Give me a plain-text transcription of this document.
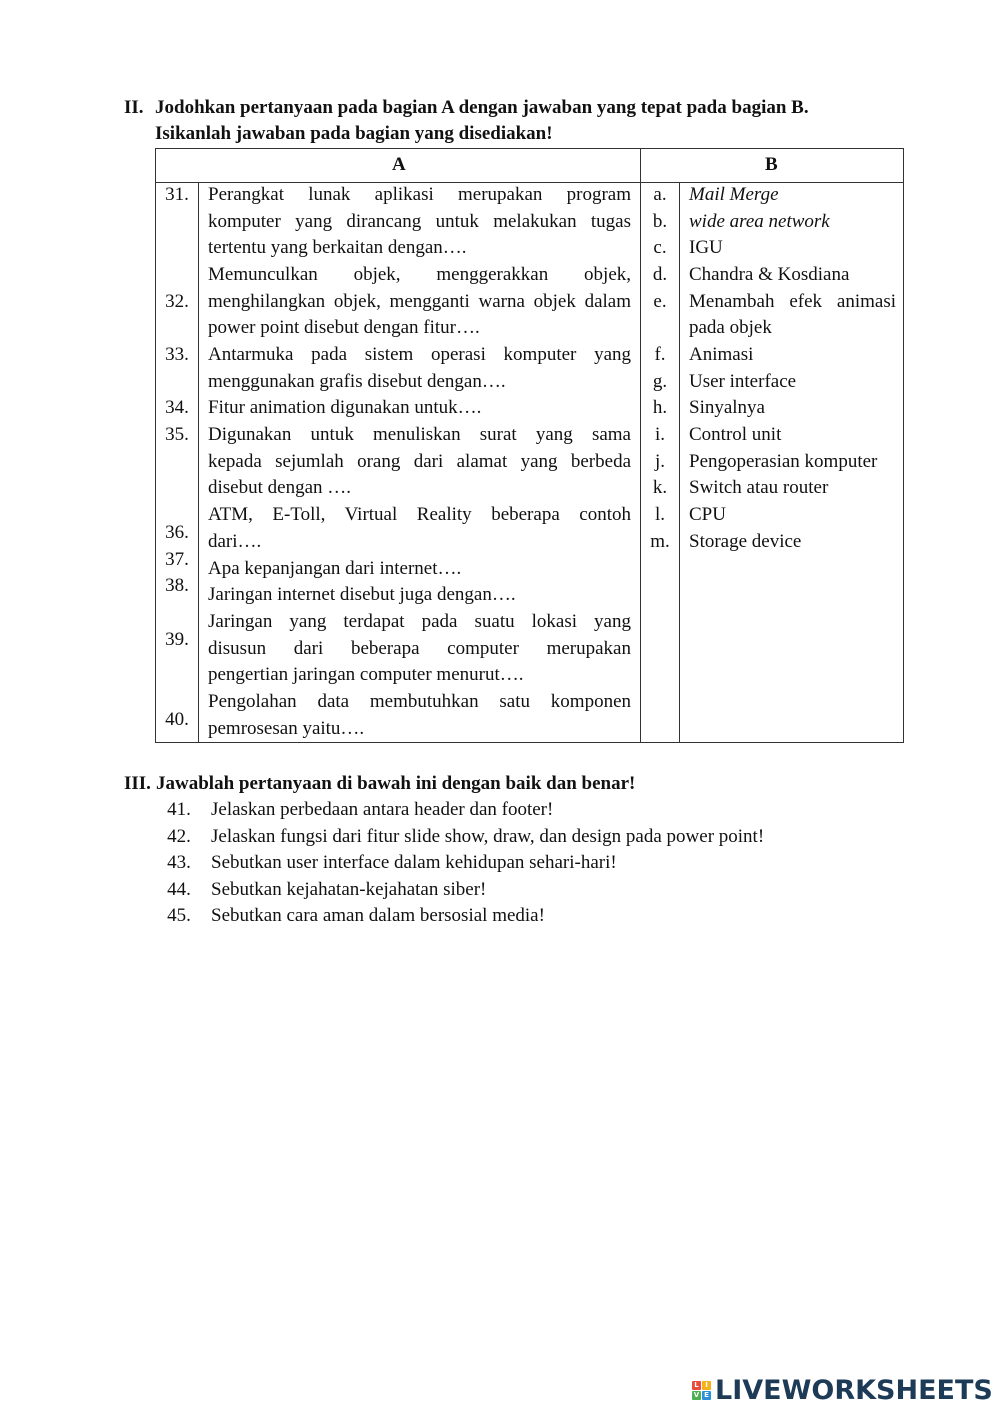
II. Jodohkan pertanyaan pada bagian A dengan jawaban yang tepat pada bagian B.
Isikanlah jawaban pada bagian yang disediakan!
A	B
31.
32.
33.
34.
35.
36.
37.
38.
39.
40.
Perangkat lunak aplikasi merupakan program
komputer yang dirancang untuk melakukan tugas
tertentu yang berkaitan dengan….
Memunculkan objek, menggerakkan objek,
menghilangkan objek, mengganti warna objek dalam
power point disebut dengan fitur….
Antarmuka pada sistem operasi komputer yang
menggunakan grafis disebut dengan….
Fitur animation digunakan untuk….
Digunakan untuk menuliskan surat yang sama
kepada sejumlah orang dari alamat yang berbeda
disebut dengan ….
ATM, E-Toll, Virtual Reality beberapa contoh
dari….
Apa kepanjangan dari internet….
Jaringan internet disebut juga dengan….
Jaringan yang terdapat pada suatu lokasi yang
disusun dari beberapa computer merupakan
pengertian jaringan computer menurut….
Pengolahan data membutuhkan satu komponen
pemrosesan yaitu….
a.
b.
c.
d.
e.
f.
g.
h.
i.
j.
k.
l.
m.
Mail Merge
wide area network
IGU
Chandra & Kosdiana
Menambah efek animasi
pada objek
Animasi
User interface
Sinyalnya
Control unit
Pengoperasian komputer
Switch atau router
CPU
Storage device
III. Jawablah pertanyaan di bawah ini dengan baik dan benar!
41. Jelaskan perbedaan antara header dan footer!
42. Jelaskan fungsi dari fitur slide show, draw, dan design pada power point!
43. Sebutkan user interface dalam kehidupan sehari-hari!
44. Sebutkan kejahatan-kejahatan siber!
45. Sebutkan cara aman dalam bersosial media!
L I
V E LIVEWORKSHEETS
